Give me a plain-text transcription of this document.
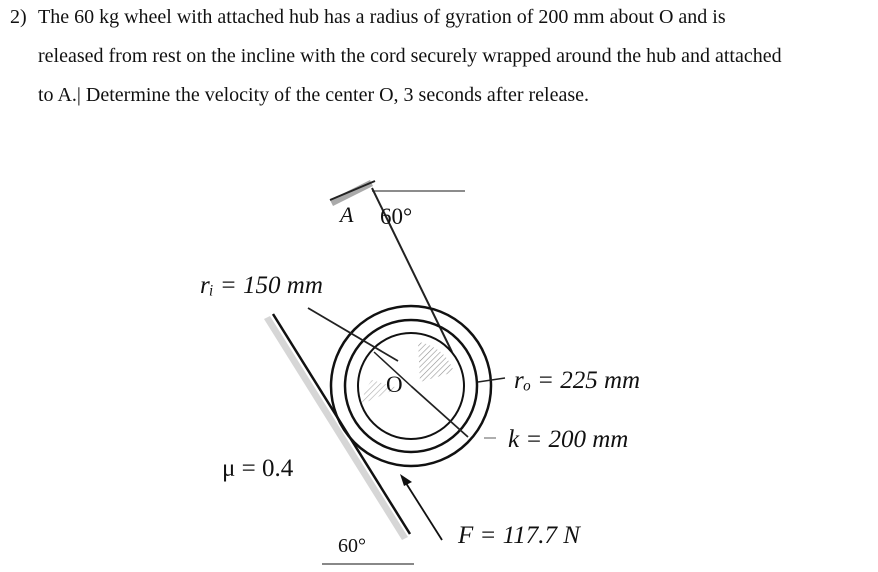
2) The 60 kg wheel with attached hub has a radius of gyration of 200 mm about O and is
released from rest on the incline with the cord securely wrapped around the hub and attached
to A.| Determine the velocity of the center O, 3 seconds after release.
O
A 60°
rᵢ = 150 mm
rₒ = 225 mm
k = 200 mm
μ = 0.4
F = 117.7 N
60°
